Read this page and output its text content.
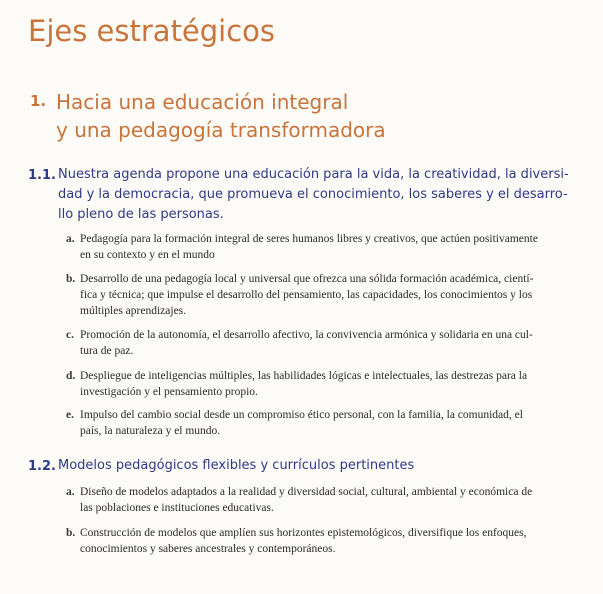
Ejes estratégicos
1. Hacia una educación integral
y una pedagogía transformadora
1.1. Nuestra agenda propone una educación para la vida, la creatividad, la diversi-
dad y la democracia, que promueva el conocimiento, los saberes y el desarro-
llo pleno de las personas.
a. Pedagogía para la formación integral de seres humanos libres y creativos, que actúen positivamente
en su contexto y en el mundo
b. Desarrollo de una pedagogía local y universal que ofrezca una sólida formación académica, cientí-
fica y técnica; que impulse el desarrollo del pensamiento, las capacidades, los conocimientos y los
múltiples aprendizajes.
c. Promoción de la autonomía, el desarrollo afectivo, la convivencia armónica y solidaria en una cul-
tura de paz.
d. Despliegue de inteligencias múltiples, las habilidades lógicas e intelectuales, las destrezas para la
investigación y el pensamiento propio.
e. Impulso del cambio social desde un compromiso ético personal, con la familia, la comunidad, el
país, la naturaleza y el mundo.
1.2. Modelos pedagógicos flexibles y currículos pertinentes
a. Diseño de modelos adaptados a la realidad y diversidad social, cultural, ambiental y económica de
las poblaciones e instituciones educativas.
b. Construcción de modelos que amplíen sus horizontes epistemológicos, diversifique los enfoques,
conocimientos y saberes ancestrales y contemporáneos.
